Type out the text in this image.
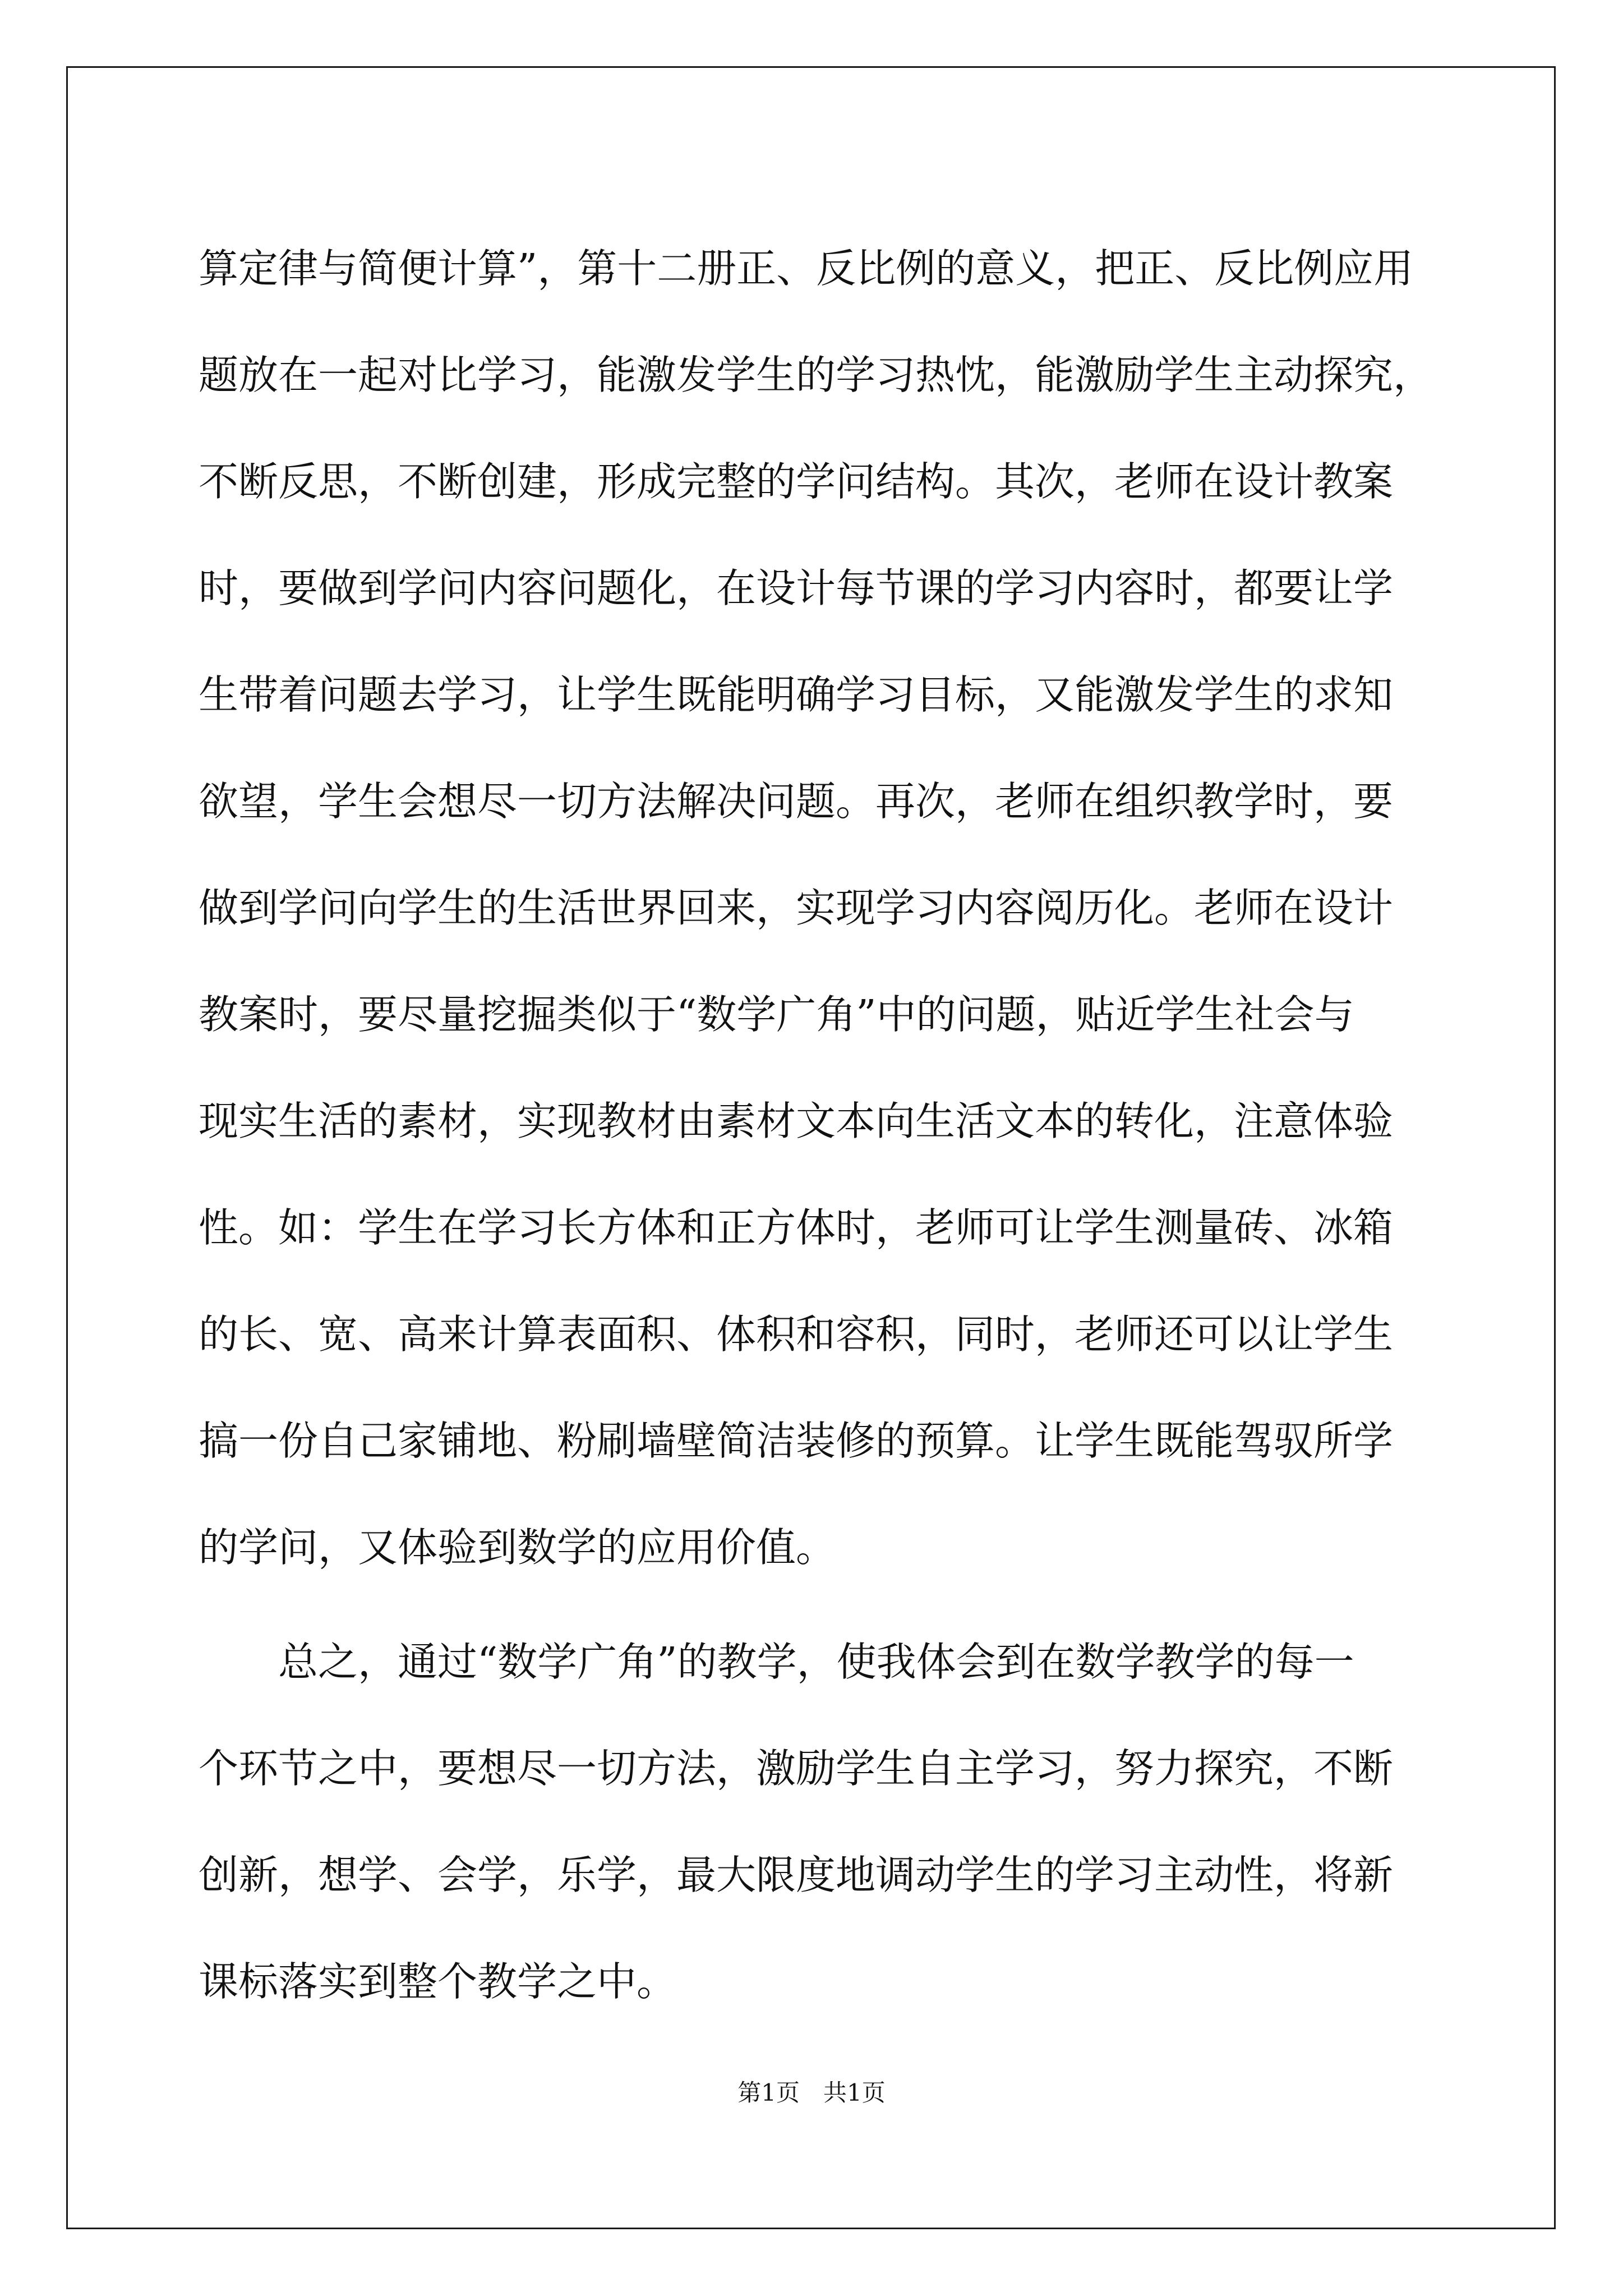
算定律与简便计算”，第十二册正、反比例的意义，把正、反比例应用
题放在一起对比学习，能激发学生的学习热忱，能激励学生主动探究，
不断反思，不断创建，形成完整的学问结构。其次，老师在设计教案
时，要做到学问内容问题化，在设计每节课的学习内容时，都要让学
生带着问题去学习，让学生既能明确学习目标，又能激发学生的求知
欲望，学生会想尽一切方法解决问题。再次，老师在组织教学时，要
做到学问向学生的生活世界回来，实现学习内容阅历化。老师在设计
教案时，要尽量挖掘类似于“数学广角”中的问题，贴近学生社会与
现实生活的素材，实现教材由素材文本向生活文本的转化，注意体验
性。如：学生在学习长方体和正方体时，老师可让学生测量砖、冰箱
的长、宽、高来计算表面积、体积和容积，同时，老师还可以让学生
搞一份自己家铺地、粉刷墙壁简洁装修的预算。让学生既能驾驭所学
的学问，又体验到数学的应用价值。
　　总之，通过“数学广角”的教学，使我体会到在数学教学的每一
个环节之中，要想尽一切方法，激励学生自主学习，努力探究，不断
创新，想学、会学，乐学，最大限度地调动学生的学习主动性，将新
课标落实到整个教学之中。
第1页　共1页
